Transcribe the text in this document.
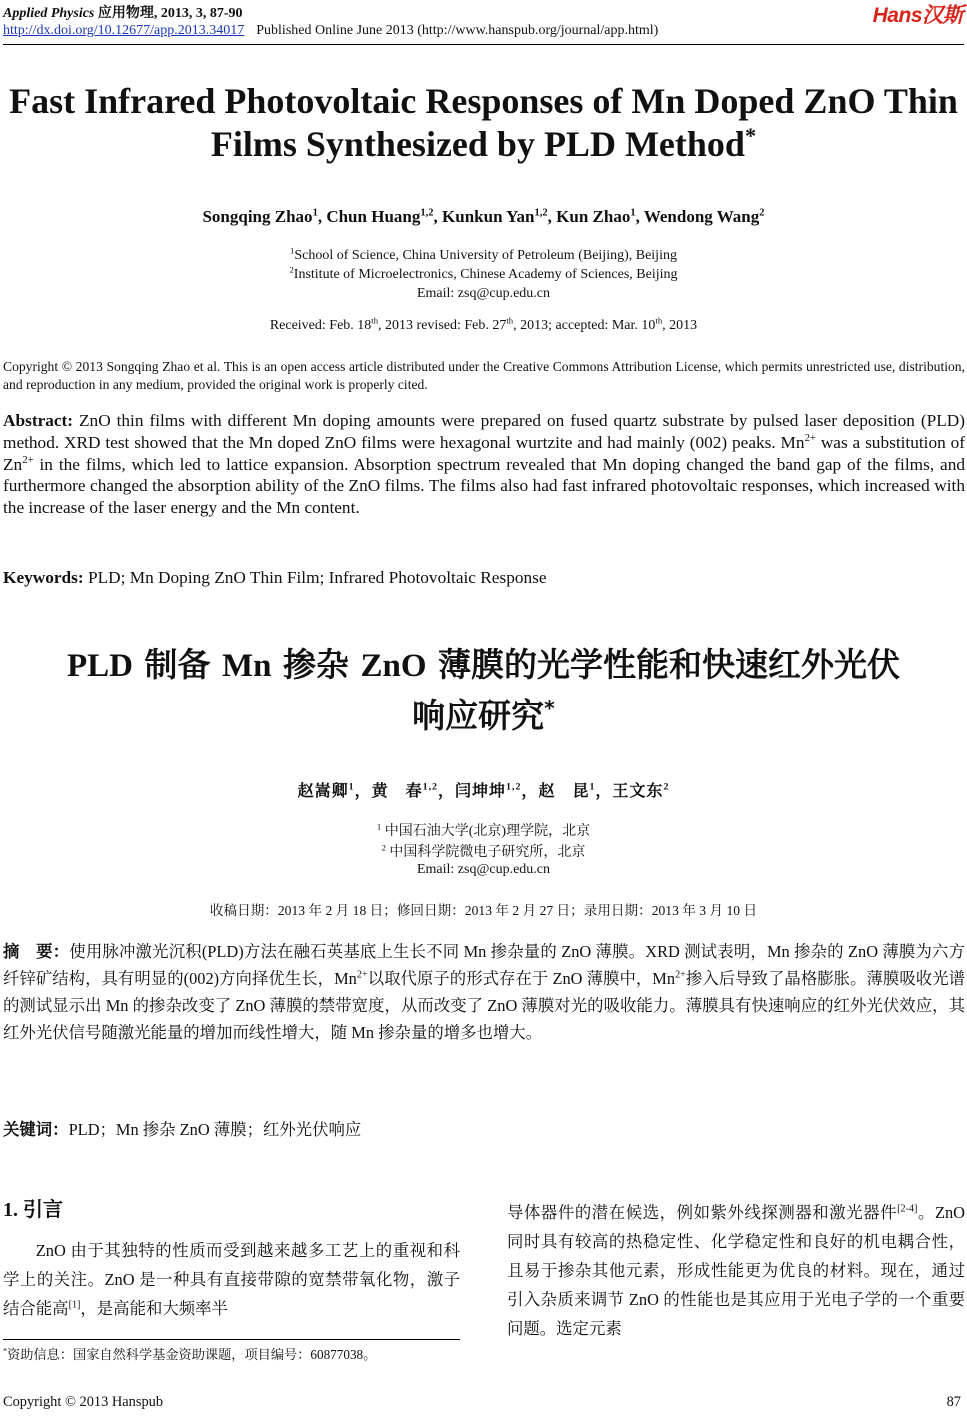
Applied Physics 应用物理, 2013, 3, 87-90
http://dx.doi.org/10.12677/app.2013.34017 Published Online June 2013 (http://www.hanspub.org/journal/app.html)
Hans汉斯
Fast Infrared Photovoltaic Responses of Mn Doped ZnO Thin Films Synthesized by PLD Method*
Songqing Zhao$^1$, Chun Huang$^{1,2}$, Kunkun Yan$^{1,2}$, Kun Zhao$^1$, Wendong Wang$^2$
$^1$School of Science, China University of Petroleum (Beijing), Beijing
$^2$Institute of Microelectronics, Chinese Academy of Sciences, Beijing
Email: zsq@cup.edu.cn
Received: Feb. 18th, 2013 revised: Feb. 27th, 2013; accepted: Mar. 10th, 2013
Copyright © 2013 Songqing Zhao et al. This is an open access article distributed under the Creative Commons Attribution License, which permits unrestricted use, distribution, and reproduction in any medium, provided the original work is properly cited.
Abstract: ZnO thin films with different Mn doping amounts were prepared on fused quartz substrate by pulsed laser deposition (PLD) method. XRD test showed that the Mn doped ZnO films were hexagonal wurtzite and had mainly (002) peaks. $Mn^{2+}$ was a substitution of $Zn^{2+}$ in the films, which led to lattice expansion. Absorption spectrum revealed that Mn doping changed the band gap of the films, and furthermore changed the absorption ability of the ZnO films. The films also had fast infrared photovoltaic responses, which increased with the increase of the laser energy and the Mn content.
Keywords: PLD; Mn Doping ZnO Thin Film; Infrared Photovoltaic Response
PLD 制备 Mn 掺杂 ZnO 薄膜的光学性能和快速红外光伏
响应研究*
赵嵩卿$^1$，黄　春$^{1,2}$，闫坤坤$^{1,2}$，赵　昆$^1$，王文东$^2$
$^1$ 中国石油大学(北京)理学院，北京
$^2$ 中国科学院微电子研究所，北京
Email: zsq@cup.edu.cn
收稿日期：2013 年 2 月 18 日；修回日期：2013 年 2 月 27 日；录用日期：2013 年 3 月 10 日
摘　要：使用脉冲激光沉积(PLD)方法在融石英基底上生长不同 Mn 掺杂量的 ZnO 薄膜。XRD 测试表明，Mn 掺杂的 ZnO 薄膜为六方纤锌矿结构，具有明显的(002)方向择优生长，$Mn^{2+}$以取代原子的形式存在于 ZnO 薄膜中，$Mn^{2+}$掺入后导致了晶格膨胀。薄膜吸收光谱的测试显示出 Mn 的掺杂改变了 ZnO 薄膜的禁带宽度，从而改变了 ZnO 薄膜对光的吸收能力。薄膜具有快速响应的红外光伏效应，其红外光伏信号随激光能量的增加而线性增大，随 Mn 掺杂量的增多也增大。
关键词：PLD；Mn 掺杂 ZnO 薄膜；红外光伏响应
1. 引言
ZnO 由于其独特的性质而受到越来越多工艺上的重视和科学上的关注。ZnO 是一种具有直接带隙的宽禁带氧化物，激子结合能高[1]，是高能和大频率半
导体器件的潜在候选，例如紫外线探测器和激光器件[2-4]。ZnO 同时具有较高的热稳定性、化学稳定性和良好的机电耦合性，且易于掺杂其他元素，形成性能更为优良的材料。现在，通过引入杂质来调节 ZnO 的性能也是其应用于光电子学的一个重要问题。选定元素
*资助信息：国家自然科学基金资助课题，项目编号：60877038。
Copyright © 2013 Hanspub	87
